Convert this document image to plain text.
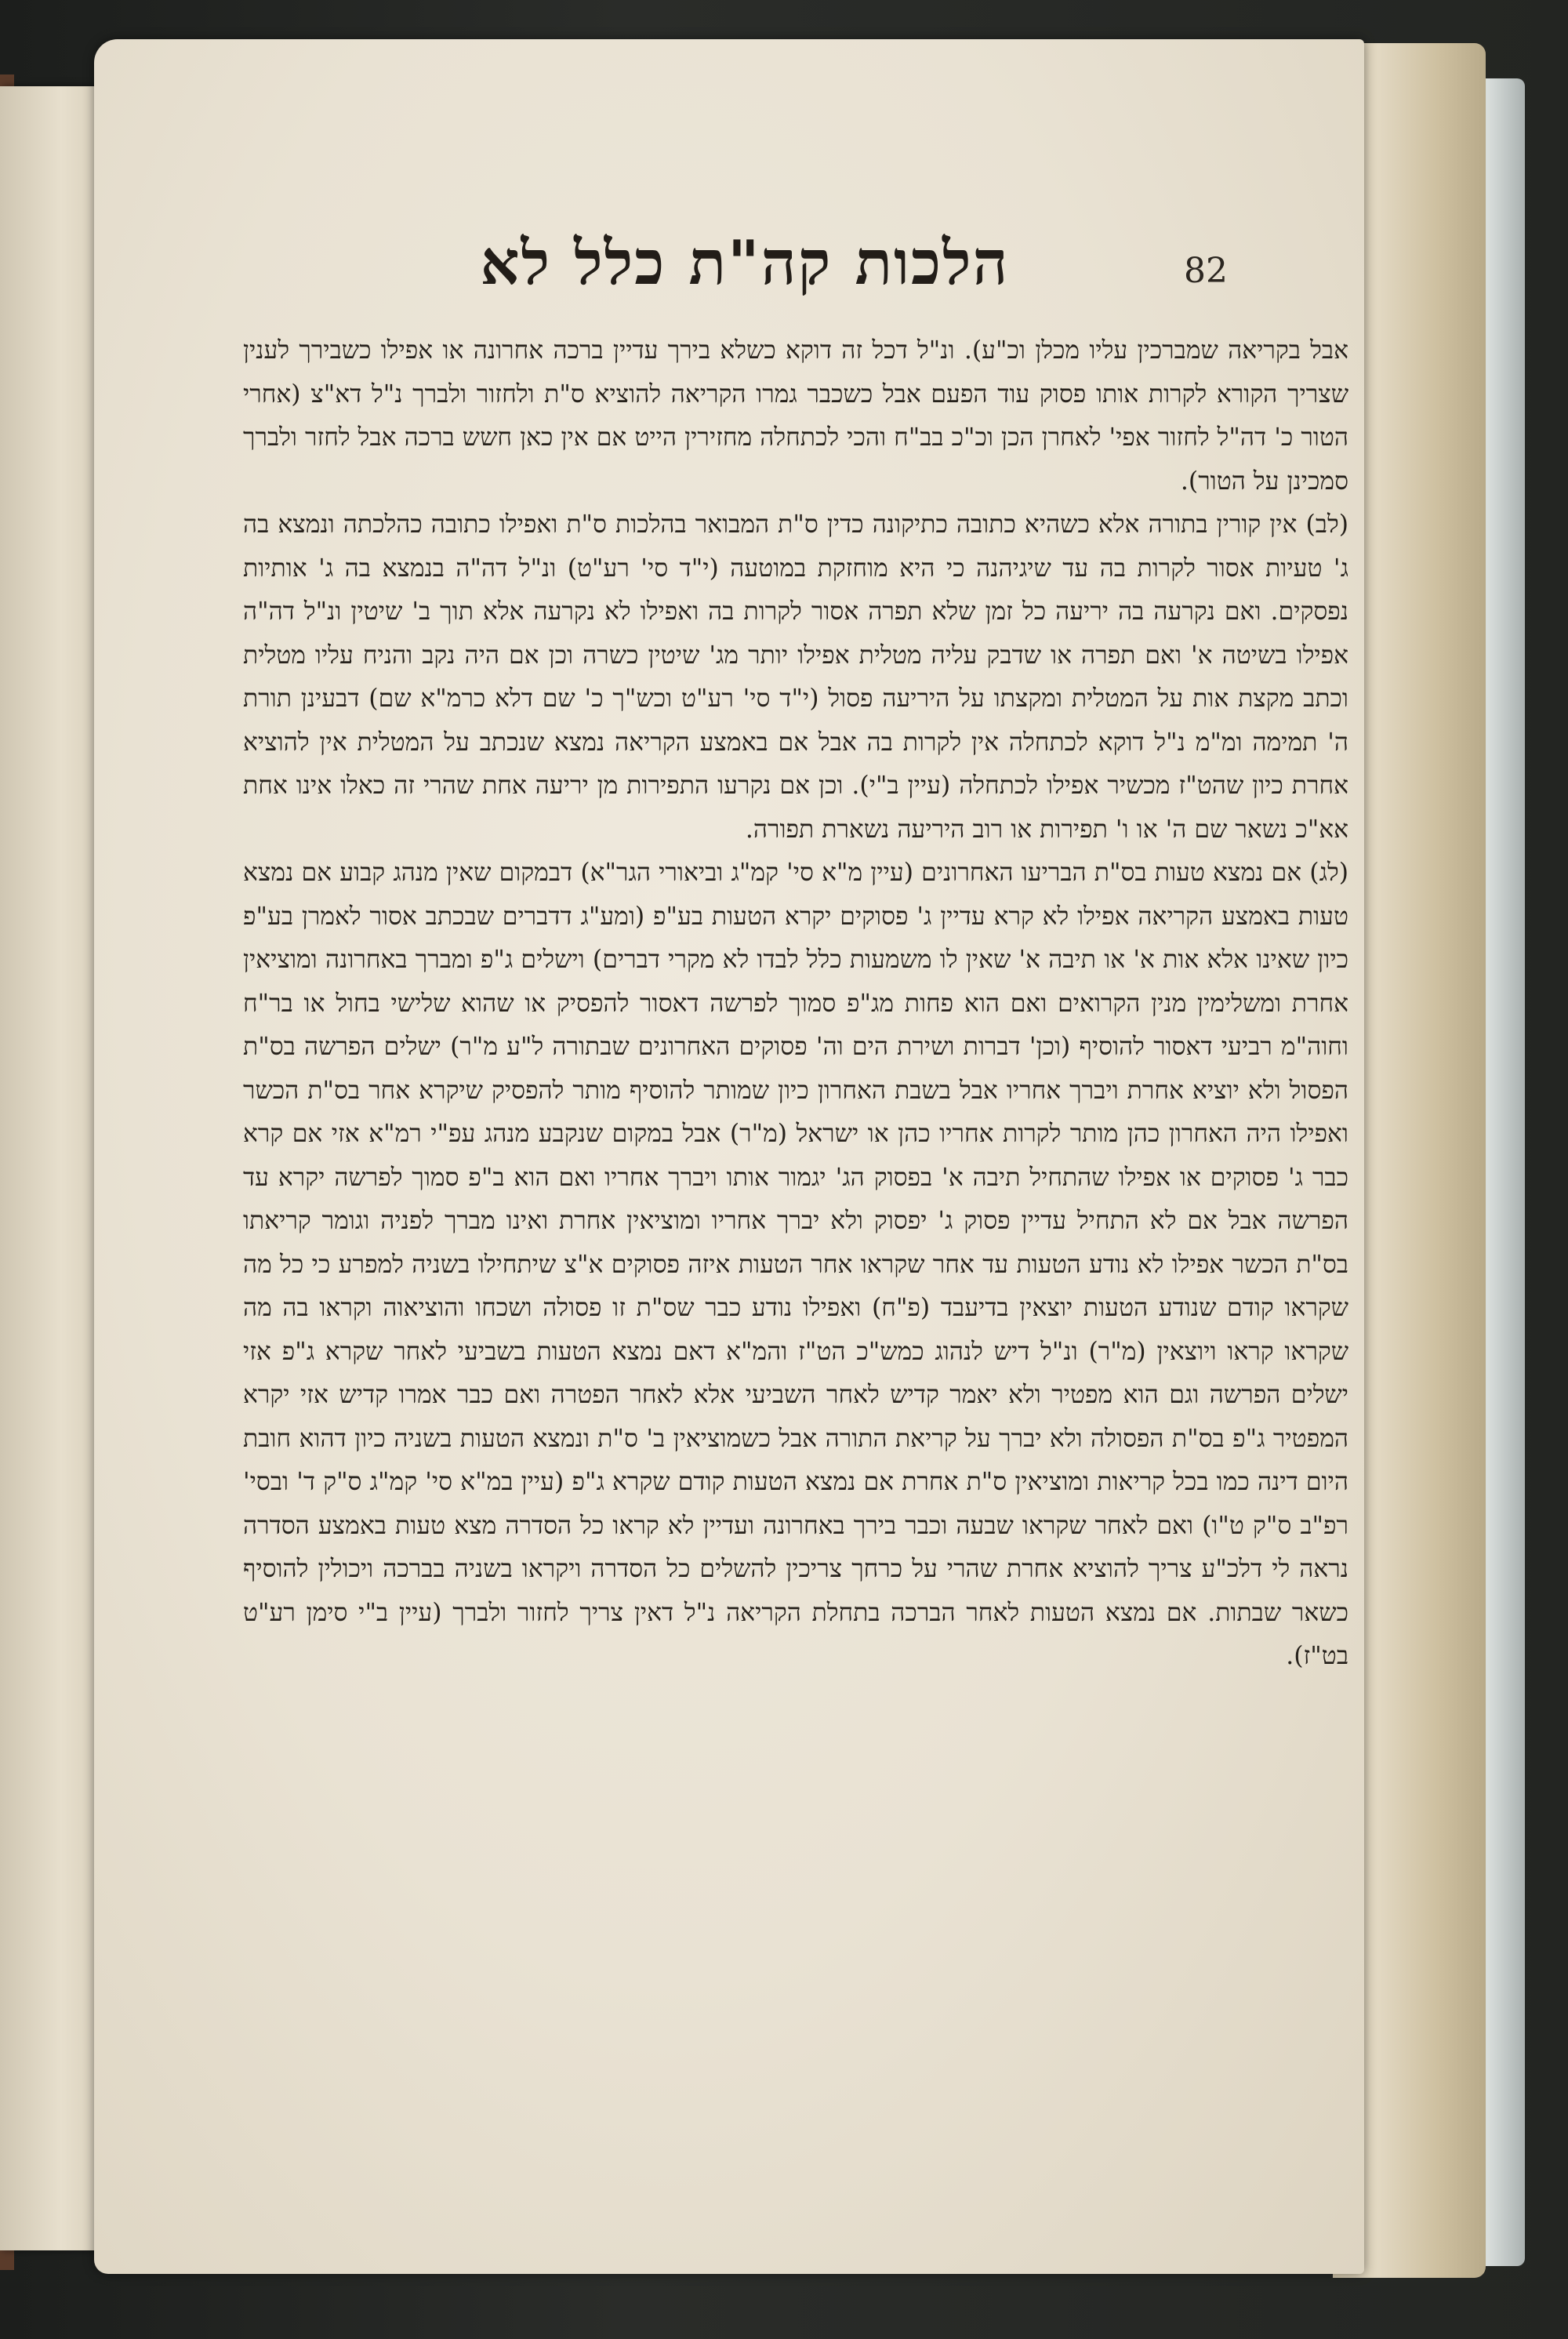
הלכות קה"ת כלל לא	82

אבל בקריאה שמברכין עליו מכלן וכ"ע). ונ"ל דכל זה דוקא כשלא בירך עדיין ברכה אחרונה או אפילו כשבירך לענין שצריך הקורא לקרות אותו פסוק עוד הפעם אבל כשכבר גמרו הקריאה להוציא ס"ת ולחזור ולברך נ"ל דא"צ (אחרי הטור כ' דה"ל לחזור אפי' לאחרן הכן וכ"כ בב"ח והכי לכתחלה מחזירין הייט אם אין כאן חשש ברכה אבל לחזר ולברך סמכינן על הטור).

(לב) אין קורין בתורה אלא כשהיא כתובה כתיקונה כדין ס"ת המבואר בהלכות ס"ת ואפילו כתובה כהלכתה ונמצא בה ג' טעיות אסור לקרות בה עד שיגיהנה כי היא מוחזקת במוטעה (י"ד סי' רע"ט) ונ"ל דה"ה בנמצא בה ג' אותיות נפסקים. ואם נקרעה בה יריעה כל זמן שלא תפרה אסור לקרות בה ואפילו לא נקרעה אלא תוך ב' שיטין ונ"ל דה"ה אפילו בשיטה א' ואם תפרה או שדבק עליה מטלית אפילו יותר מג' שיטין כשרה וכן אם היה נקב והניח עליו מטלית וכתב מקצת אות על המטלית ומקצתו על היריעה פסול (י"ד סי' רע"ט וכש"ך כ' שם דלא כרמ"א שם) דבעינן תורת ה' תמימה ומ"מ נ"ל דוקא לכתחלה אין לקרות בה אבל אם באמצע הקריאה נמצא שנכתב על המטלית אין להוציא אחרת כיון שהט"ז מכשיר אפילו לכתחלה (עיין ב"י). וכן אם נקרעו התפירות מן יריעה אחת שהרי זה כאלו אינו אחת אא"כ נשאר שם ה' או ו' תפירות או רוב היריעה נשארת תפורה.

(לג) אם נמצא טעות בס"ת הבריעו האחרונים (עיין מ"א סי' קמ"ג וביאורי הגר"א) דבמקום שאין מנהג קבוע אם נמצא טעות באמצע הקריאה אפילו לא קרא עדיין ג' פסוקים יקרא הטעות בע"פ (ומע"ג דדברים שבכתב אסור לאמרן בע"פ כיון שאינו אלא אות א' או תיבה א' שאין לו משמעות כלל לבדו לא מקרי דברים) וישלים ג"פ ומברך באחרונה ומוציאין אחרת ומשלימין מנין הקרואים ואם הוא פחות מג"פ סמוך לפרשה דאסור להפסיק או שהוא שלישי בחול או בר"ח וחוה"מ רביעי דאסור להוסיף (וכן' דברות ושירת הים וה' פסוקים האחרונים שבתורה ל"ע מ"ר) ישלים הפרשה בס"ת הפסול ולא יוציא אחרת ויברך אחריו אבל בשבת האחרון כיון שמותר להוסיף מותר להפסיק שיקרא אחר בס"ת הכשר ואפילו היה האחרון כהן מותר לקרות אחריו כהן או ישראל (מ"ר) אבל במקום שנקבע מנהג עפ"י רמ"א אזי אם קרא כבר ג' פסוקים או אפילו שהתחיל תיבה א' בפסוק הג' יגמור אותו ויברך אחריו ואם הוא ב"פ סמוך לפרשה יקרא עד הפרשה אבל אם לא התחיל עדיין פסוק ג' יפסוק ולא יברך אחריו ומוציאין אחרת ואינו מברך לפניה וגומר קריאתו בס"ת הכשר אפילו לא נודע הטעות עד אחר שקראו אחר הטעות איזה פסוקים א"צ שיתחילו בשניה למפרע כי כל מה שקראו קודם שנודע הטעות יוצאין בדיעבד (פ"ח) ואפילו נודע כבר שס"ת זו פסולה ושכחו והוציאוה וקראו בה מה שקראו קראו ויוצאין (מ"ר) ונ"ל דיש לנהוג כמש"כ הט"ז והמ"א דאם נמצא הטעות בשביעי לאחר שקרא ג"פ אזי ישלים הפרשה וגם הוא מפטיר ולא יאמר קדיש לאחר השביעי אלא לאחר הפטרה ואם כבר אמרו קדיש אזי יקרא המפטיר ג"פ בס"ת הפסולה ולא יברך על קריאת התורה אבל כשמוציאין ב' ס"ת ונמצא הטעות בשניה כיון דהוא חובת היום דינה כמו בכל קריאות ומוציאין ס"ת אחרת אם נמצא הטעות קודם שקרא ג"פ (עיין במ"א סי' קמ"ג ס"ק ד' ובסי' רפ"ב ס"ק ט"ו) ואם לאחר שקראו שבעה וכבר בירך באחרונה ועדיין לא קראו כל הסדרה מצא טעות באמצע הסדרה נראה לי דלכ"ע צריך להוציא אחרת שהרי על כרחך צריכין להשלים כל הסדרה ויקראו בשניה בברכה ויכולין להוסיף כשאר שבתות. אם נמצא הטעות לאחר הברכה בתחלת הקריאה נ"ל דאין צריך לחזור ולברך (עיין ב"י סימן רע"ט בט"ז).
